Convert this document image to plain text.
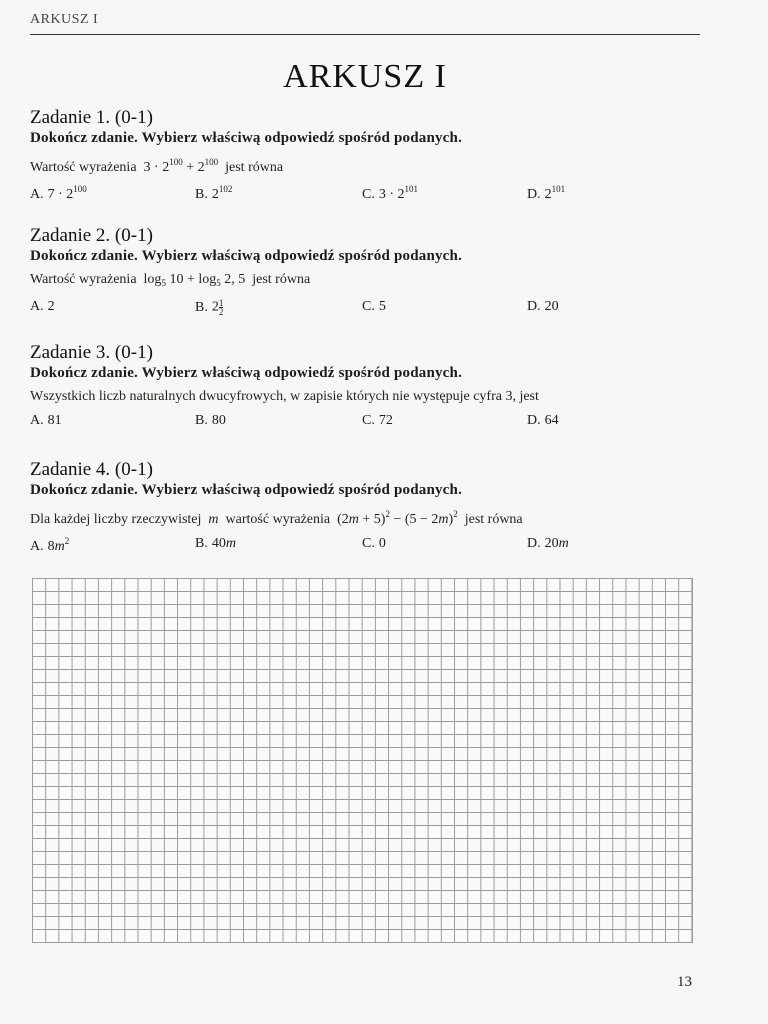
ARKUSZ I
ARKUSZ I
Zadanie 1. (0-1)
Dokończ zdanie. Wybierz właściwą odpowiedź spośród podanych.
Wartość wyrażenia $3 \cdot 2^{100} + 2^{100}$ jest równa
A. $7 \cdot 2^{100}$	B. $2^{102}$	C. $3 \cdot 2^{101}$	D. $2^{101}$
Zadanie 2. (0-1)
Dokończ zdanie. Wybierz właściwą odpowiedź spośród podanych.
Wartość wyrażenia $\log_5 10 + \log_5 2$, 5 jest równa
A. 2	B. $2 \frac{1}{2}$	C. 5	D. 20
Zadanie 3. (0-1)
Dokończ zdanie. Wybierz właściwą odpowiedź spośród podanych.
Wszystkich liczb naturalnych dwucyfrowych, w zapisie których nie występuje cyfra 3, jest
A. 81	B. 80	C. 72	D. 64
Zadanie 4. (0-1)
Dokończ zdanie. Wybierz właściwą odpowiedź spośród podanych.
Dla każdej liczby rzeczywistej m wartość wyrażenia $(2m + 5)^2 - (5 - 2m)^2$ jest równa
A. $8m^2$	B. 40m	C. 0	D. 20m
13
